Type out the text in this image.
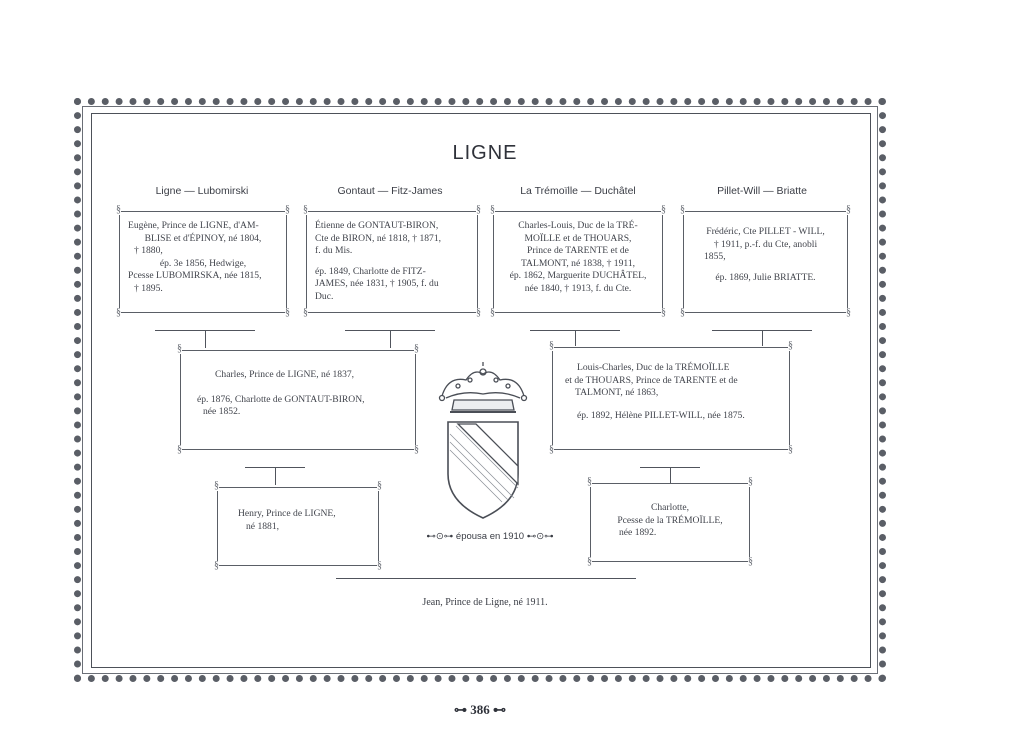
LIGNE
Ligne — Lubomirski	Gontaut — Fitz-James	La Trémoïlle — Duchâtel	Pillet-Will — Briatte

§ Eugène, Prince de LIGNE, d'AM-

BLISE et d'ÉPINOY, né 1804,

† 1880,

ép. 3e 1856, Hedwige,

Pcesse LUBOMIRSKA, née 1815,

† 1895.

§	§
§

§ Étienne de GONTAUT-BIRON,

Cte de BIRON, né 1818, † 1871,

f. du Mis.

ép. 1849, Charlotte de FITZ-

JAMES, née 1831, † 1905, f. du

Duc.

§	§
§

§ Charles-Louis, Duc de la TRÉ-

MOÏLLE et de THOUARS,

Prince de TARENTE et de

TALMONT, né 1838, † 1911,

ép. 1862, Marguerite DUCHÂTEL,

née 1840, † 1913, f. du Cte.

§	§
§

§ Frédéric, Cte PILLET - WILL,

† 1911, p.-f. du Cte, anobli

1855,

ép. 1869, Julie BRIATTE.

§	§
§

§ Charles, Prince de LIGNE, né 1837,

ép. 1876, Charlotte de GONTAUT-BIRON,

née 1852.

§	§
§

§ Louis-Charles, Duc de la TRÉMOÏLLE

et de THOUARS, Prince de TARENTE et de

TALMONT, né 1863,

ép. 1892, Hélène PILLET-WILL, née 1875.

§	§
§

§ Henry, Prince de LIGNE,

né 1881,

§	§
§
⊷⊙⊶ épousa en 1910 ⊷⊙⊶

§ Charlotte,

Pcesse de la TRÉMOÏLLE,

née 1892.

§	§
§
Jean, Prince de Ligne, né 1911.
⊶ 386 ⊷
